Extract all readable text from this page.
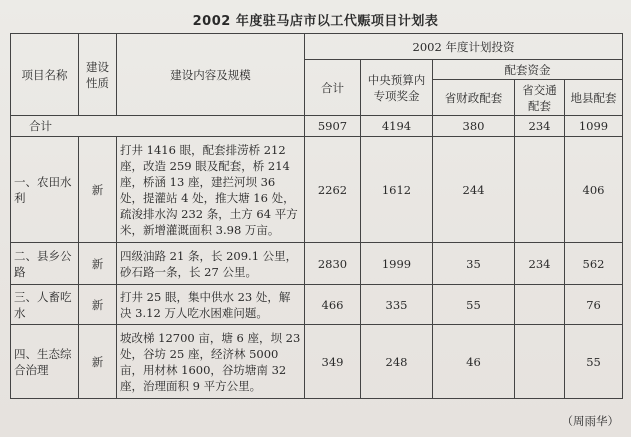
2002 年度驻马店市以工代赈项目计划表
项目名称	建设性质	建设内容及规模	2002 年度计划投资				
			合计	中央预算内专项奖金	配套资金		
					省财政配套	省交通配套	地县配套
合计			5907	4194	380	234	1099
一、农田水利	新	打井 1416 眼，配套排涝桥 212 座，改造 259 眼及配套，桥 214 座，桥涵 13 座，建拦河坝 36 处，提灌站 4 处，推大塘 16 处，疏浚排水沟 232 条，土方 64 平方米，新增灌溉面积 3.98 万亩。	2262	1612	244		406
二、县乡公路	新	四级油路 21 条，长 209.1 公里，砂石路一条，长 27 公里。	2830	1999	35	234	562
三、人畜吃水	新	打井 25 眼，集中供水 23 处，解决 3.12 万人吃水困难问题。	466	335	55		76
四、生态综合治理	新	坡改梯 12700 亩，塘 6 座，坝 23 处，谷坊 25 座，经济林 5000 亩，用材林 1600，谷坊塘南 32 座，治理面积 9 平方公里。	349	248	46		55
（周雨华）
